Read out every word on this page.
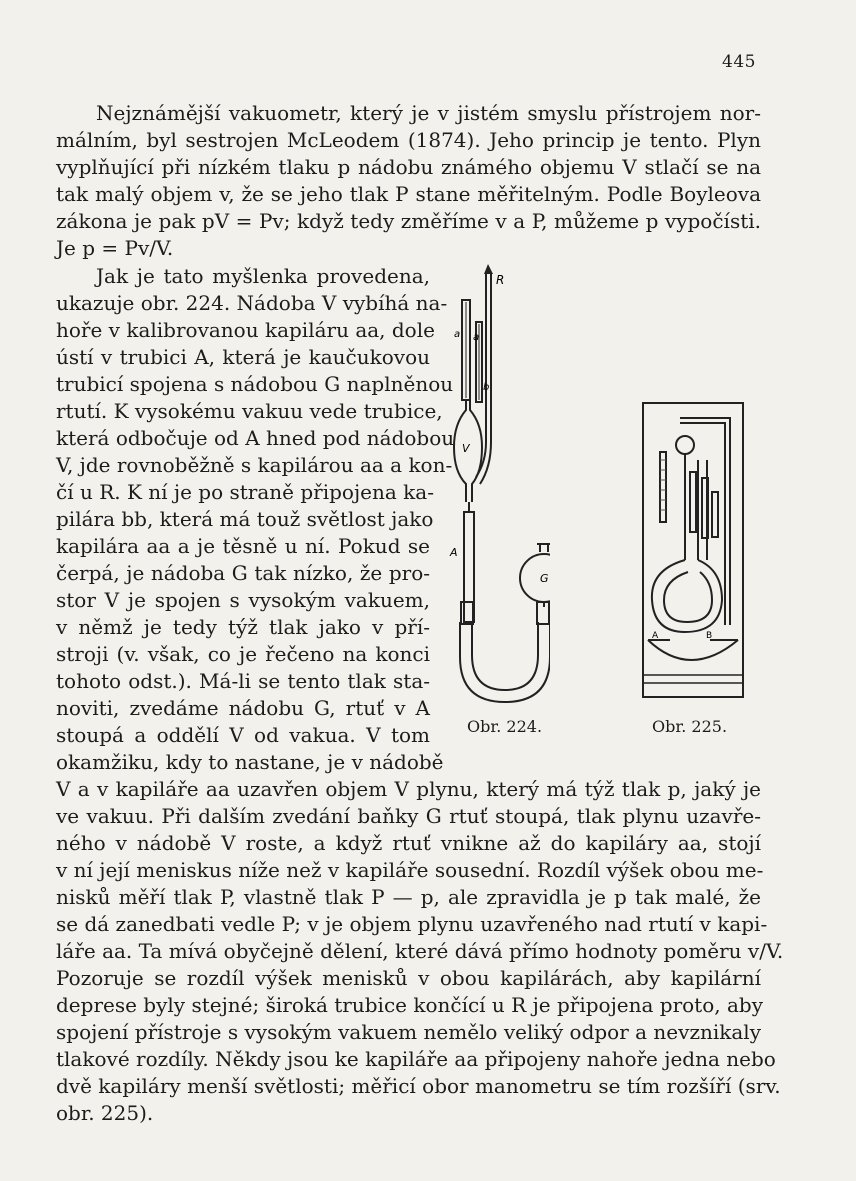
445
Nejznámější vakuometr, který je v jistém smyslu přístrojem nor-
málním, byl sestrojen McLeodem (1874). Jeho princip je tento. Plyn
vyplňující při nízkém tlaku p nádobu známého objemu V stlačí se na
tak malý objem v, že se jeho tlak P stane měřitelným. Podle Boyleova
zákona je pak pV = Pv; když tedy změříme v a P, můžeme p vypočísti.
Je p = Pv/V.
Jak je tato myšlenka provedena,
ukazuje obr. 224. Nádoba V vybíhá na-
hoře v kalibrovanou kapiláru aa, dole
ústí v trubici A, která je kaučukovou
trubicí spojena s nádobou G naplněnou
rtutí. K vysokému vakuu vede trubice,
která odbočuje od A hned pod nádobou
V, jde rovnoběžně s kapilárou aa a kon-
čí u R. K ní je po straně připojena ka-
pilára bb, která má touž světlost jako
kapilára aa a je těsně u ní. Pokud se
čerpá, je nádoba G tak nízko, že pro-
stor V je spojen s vysokým vakuem,
v němž je tedy týž tlak jako v pří-
stroji (v. však, co je řečeno na konci
tohoto odst.). Má-li se tento tlak sta-
noviti, zvedáme nádobu G, rtuť v A
stoupá a oddělí V od vakua. V tom
okamžiku, kdy to nastane, je v nádobě
V a v kapiláře aa uzavřen objem V plynu, který má týž tlak p, jaký je
ve vakuu. Při dalším zvedání baňky G rtuť stoupá, tlak plynu uzavře-
ného v nádobě V roste, a když rtuť vnikne až do kapiláry aa, stojí
v ní její meniskus níže než v kapiláře sousední. Rozdíl výšek obou me-
nisků měří tlak P, vlastně tlak P — p, ale zpravidla je p tak malé, že
se dá zanedbati vedle P; v je objem plynu uzavřeného nad rtutí v kapi-
láře aa. Ta mívá obyčejně dělení, které dává přímo hodnoty poměru v/V.
Pozoruje se rozdíl výšek menisků v obou kapilárách, aby kapilární
deprese byly stejné; široká trubice končící u R je připojena proto, aby
spojení přístroje s vysokým vakuem nemělo veliký odpor a nevznikaly
tlakové rozdíly. Někdy jsou ke kapiláře aa připojeny nahoře jedna nebo
dvě kapiláry menší světlosti; měřicí obor manometru se tím rozšíří (srv.
obr. 225).
R
a a
b
V
A
G
Obr. 224.
A	B
Obr. 225.
